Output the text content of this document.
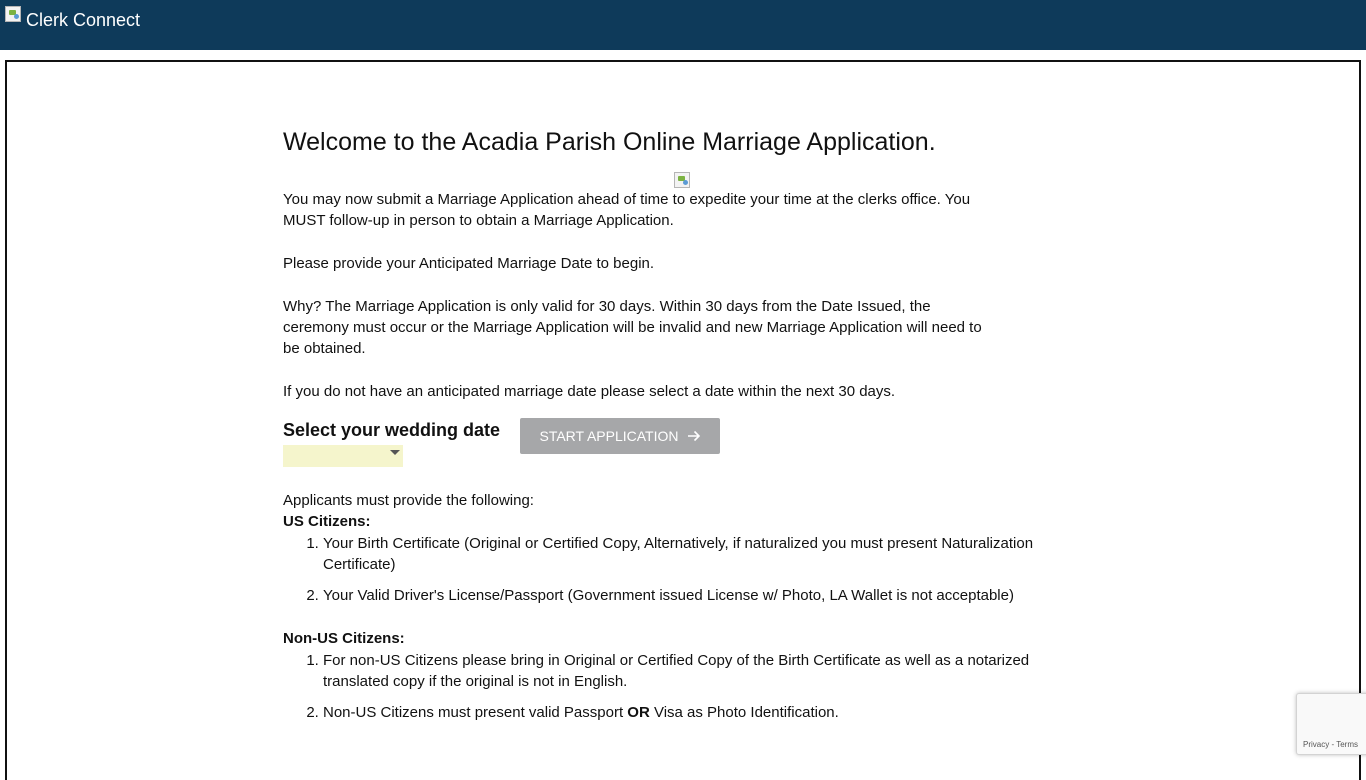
Clerk Connect
Welcome to the Acadia Parish Online Marriage Application.

You may now submit a Marriage Application ahead of time to expedite your time at the clerks office. You MUST follow-up in person to obtain a Marriage Application.

Please provide your Anticipated Marriage Date to begin.

Why? The Marriage Application is only valid for 30 days. Within 30 days from the Date Issued, the ceremony must occur or the Marriage Application will be invalid and new Marriage Application will need to be obtained.

If you do not have an anticipated marriage date please select a date within the next 30 days.

Select your wedding date	START APPLICATION

Applicants must provide the following:

US Citizens:

1. Your Birth Certificate (Original or Certified Copy, Alternatively, if naturalized you must present Naturalization Certificate)
2. Your Valid Driver's License/Passport (Government issued License w/ Photo, LA Wallet is not acceptable)

Non-US Citizens:

1. For non-US Citizens please bring in Original or Certified Copy of the Birth Certificate as well as a notarized translated copy if the original is not in English.
2. Non-US Citizens must present valid Passport OR Visa as Photo Identification.
Privacy - Terms
